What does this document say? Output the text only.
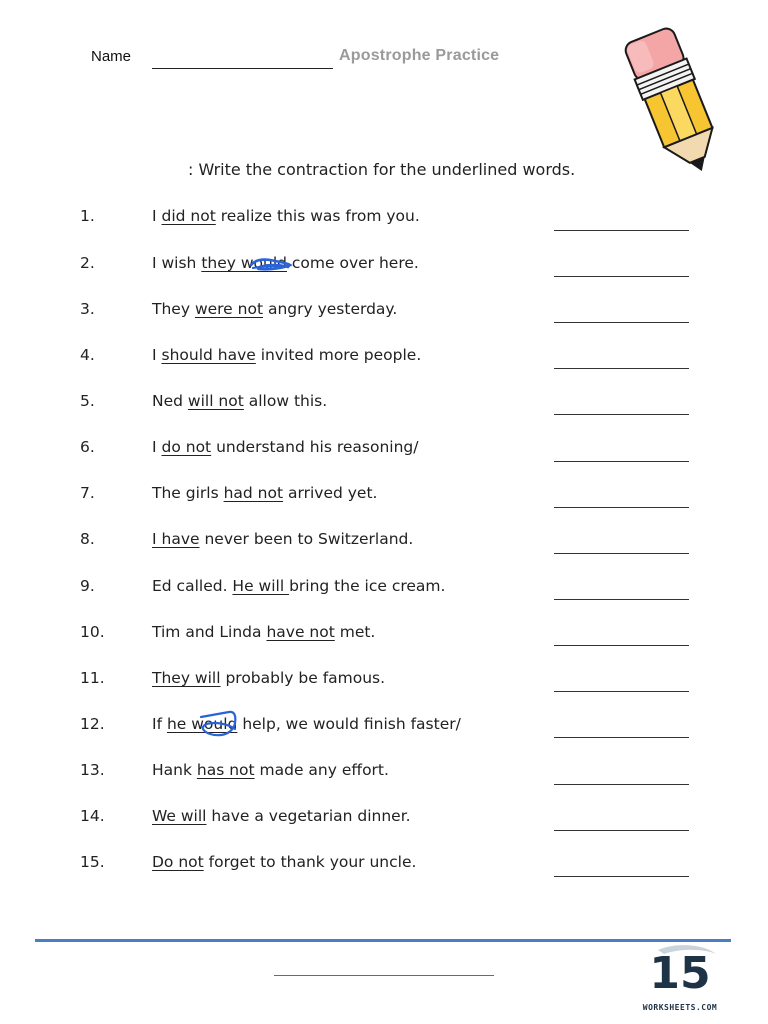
Name	Apostrophe Practice
: Write the contraction for the underlined words.
1.	I did not realize this was from you.
2.	I wish they would come over here.
3.	They were not angry yesterday.
4.	I should have invited more people.
5.	Ned will not allow this.
6.	I do not understand his reasoning/
7.	The girls had not arrived yet.
8.	I have never been to Switzerland.
9.	Ed called. He will bring the ice cream.
10.	Tim and Linda have not met.
11.	They will probably be famous.
12.	If he would help, we would finish faster/
13.	Hank has not made any effort.
14.	We will have a vegetarian dinner.
15.	Do not forget to thank your uncle.
15
WORKSHEETS.COM
